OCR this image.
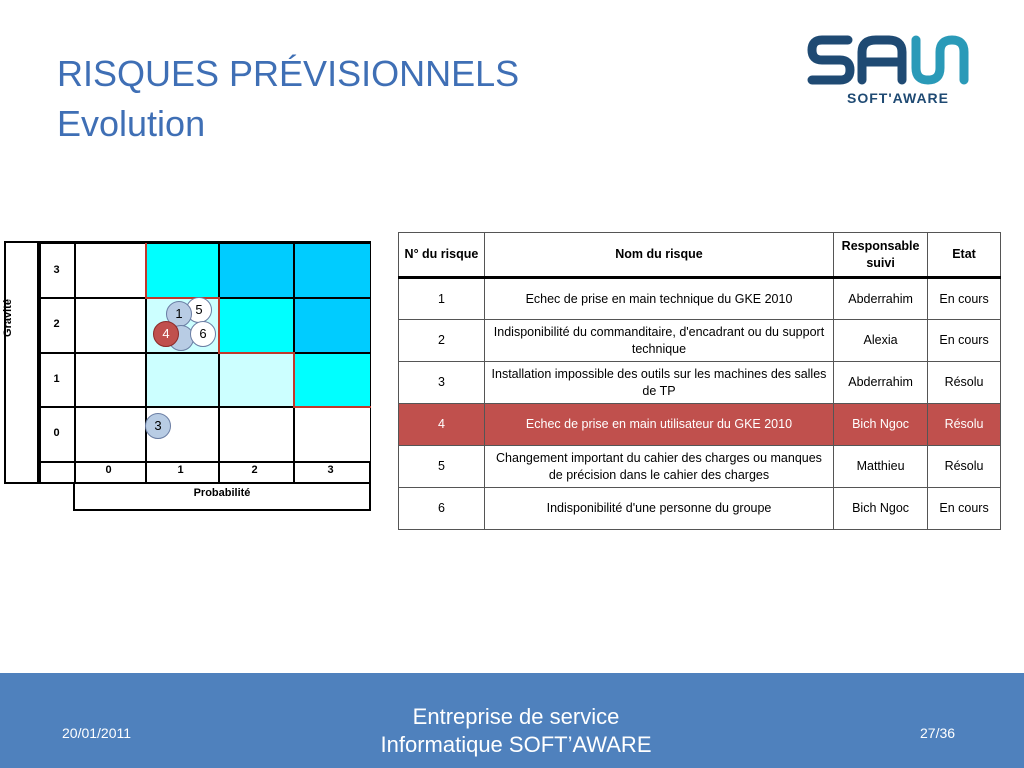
RISQUES PRÉVISIONNELS
Evolution
SOFT'AWARE
Gravité
3
2
1
0
0	1	2	3
Probabilité
5
1
4	6
3
N° du risque	Nom du risque	Responsable suivi	Etat
1	Echec de prise en main technique du GKE 2010	Abderrahim	En cours
2	Indisponibilité du commanditaire, d'encadrant ou du support technique	Alexia	En cours
3	Installation impossible des outils sur les machines des salles de TP	Abderrahim	Résolu
4	Echec de prise en main utilisateur du GKE 2010	Bich Ngoc	Résolu
5	Changement important du cahier des charges ou manques de précision dans le cahier des charges	Matthieu	Résolu
6	Indisponibilité d'une personne du groupe	Bich Ngoc	En cours
20/01/2011
Entreprise de service
Informatique SOFT’AWARE	27/36
